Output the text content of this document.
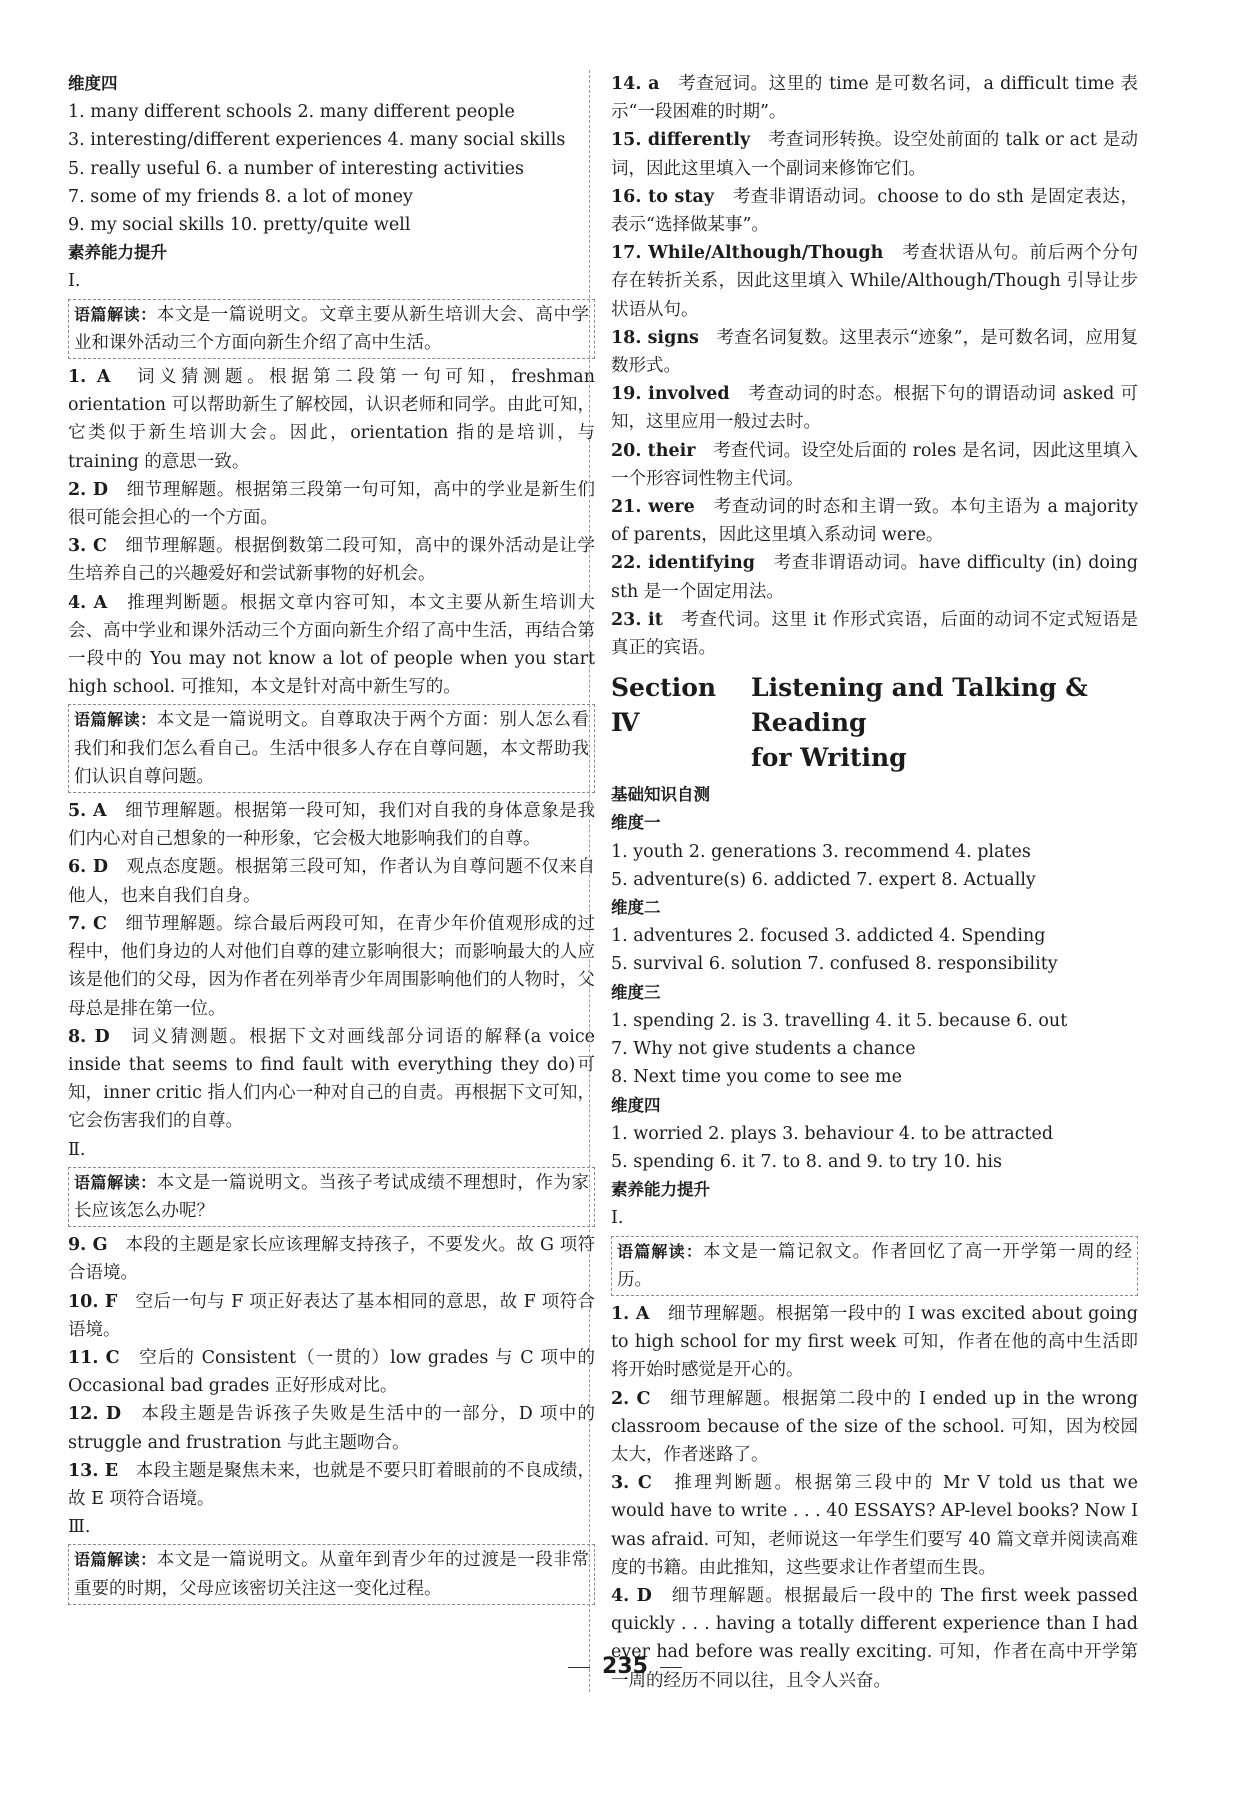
维度四
1. many different schools 2. many different people
3. interesting/different experiences 4. many social skills
5. really useful 6. a number of interesting activities
7. some of my friends 8. a lot of money
9. my social skills 10. pretty/quite well
素养能力提升
Ⅰ.
语篇解读：本文是一篇说明文。文章主要从新生培训大会、高中学业和课外活动三个方面向新生介绍了高中生活。
1. A　 词义猜测题。根据第二段第一句可知，freshman orientation 可以帮助新生了解校园，认识老师和同学。由此可知，它类似于新生培训大会。因此，orientation 指的是培训，与 training 的意思一致。
2. D　 细节理解题。根据第三段第一句可知，高中的学业是新生们很可能会担心的一个方面。
3. C　 细节理解题。根据倒数第二段可知，高中的课外活动是让学生培养自己的兴趣爱好和尝试新事物的好机会。
4. A　 推理判断题。根据文章内容可知，本文主要从新生培训大会、高中学业和课外活动三个方面向新生介绍了高中生活，再结合第一段中的 You may not know a lot of people when you start high school. 可推知，本文是针对高中新生写的。
语篇解读：本文是一篇说明文。自尊取决于两个方面：别人怎么看我们和我们怎么看自己。生活中很多人存在自尊问题，本文帮助我们认识自尊问题。
5. A　 细节理解题。根据第一段可知，我们对自我的身体意象是我们内心对自己想象的一种形象，它会极大地影响我们的自尊。
6. D　 观点态度题。根据第三段可知，作者认为自尊问题不仅来自他人，也来自我们自身。
7. C　 细节理解题。综合最后两段可知，在青少年价值观形成的过程中，他们身边的人对他们自尊的建立影响很大；而影响最大的人应该是他们的父母，因为作者在列举青少年周围影响他们的人物时，父母总是排在第一位。
8. D　 词义猜测题。根据下文对画线部分词语的解释(a voice inside that seems to find fault with everything they do)可知，inner critic 指人们内心一种对自己的自责。再根据下文可知，它会伤害我们的自尊。
Ⅱ.
语篇解读：本文是一篇说明文。当孩子考试成绩不理想时，作为家长应该怎么办呢？
9. G　 本段的主题是家长应该理解支持孩子，不要发火。故 G 项符合语境。
10. F　 空后一句与 F 项正好表达了基本相同的意思，故 F 项符合语境。
11. C　 空后的 Consistent（一贯的）low grades 与 C 项中的 Occasional bad grades 正好形成对比。
12. D　 本段主题是告诉孩子失败是生活中的一部分，D 项中的 struggle and frustration 与此主题吻合。
13. E　 本段主题是聚焦未来，也就是不要只盯着眼前的不良成绩，故 E 项符合语境。
Ⅲ.
语篇解读：本文是一篇说明文。从童年到青少年的过渡是一段非常重要的时期，父母应该密切关注这一变化过程。
14. a　 考查冠词。这里的 time 是可数名词，a difficult time 表示“一段困难的时期”。
15. differently　 考查词形转换。设空处前面的 talk or act 是动词，因此这里填入一个副词来修饰它们。
16. to stay　 考查非谓语动词。choose to do sth 是固定表达，表示“选择做某事”。
17. While/Although/Though　 考查状语从句。前后两个分句存在转折关系，因此这里填入 While/Although/Though 引导让步状语从句。
18. signs　 考查名词复数。这里表示“迹象”，是可数名词，应用复数形式。
19. involved　 考查动词的时态。根据下句的谓语动词 asked 可知，这里应用一般过去时。
20. their　 考查代词。设空处后面的 roles 是名词，因此这里填入一个形容词性物主代词。
21. were　 考查动词的时态和主谓一致。本句主语为 a majority of parents，因此这里填入系动词 were。
22. identifying　 考查非谓语动词。have difficulty (in) doing sth 是一个固定用法。
23. it　 考查代词。这里 it 作形式宾语，后面的动词不定式短语是真正的宾语。
Section Ⅳ
Listening and Talking & Reading
for Writing
基础知识自测
维度一
1. youth 2. generations 3. recommend 4. plates
5. adventure(s) 6. addicted 7. expert 8. Actually
维度二
1. adventures 2. focused 3. addicted 4. Spending
5. survival 6. solution 7. confused 8. responsibility
维度三
1. spending 2. is 3. travelling 4. it 5. because 6. out
7. Why not give students a chance
8. Next time you come to see me
维度四
1. worried 2. plays 3. behaviour 4. to be attracted
5. spending 6. it 7. to 8. and 9. to try 10. his
素养能力提升
Ⅰ.
语篇解读：本文是一篇记叙文。作者回忆了高一开学第一周的经历。
1. A　 细节理解题。根据第一段中的 I was excited about going to high school for my first week 可知，作者在他的高中生活即将开始时感觉是开心的。
2. C　 细节理解题。根据第二段中的 I ended up in the wrong classroom because of the size of the school. 可知，因为校园太大，作者迷路了。
3. C　 推理判断题。根据第三段中的 Mr V told us that we would have to write . . . 40 ESSAYS? AP-level books? Now I was afraid. 可知，老师说这一年学生们要写 40 篇文章并阅读高难度的书籍。由此推知，这些要求让作者望而生畏。
4. D　 细节理解题。根据最后一段中的 The first week passed quickly . . . having a totally different experience than I had ever had before was really exciting. 可知，作者在高中开学第一周的经历不同以往，且令人兴奋。
235
